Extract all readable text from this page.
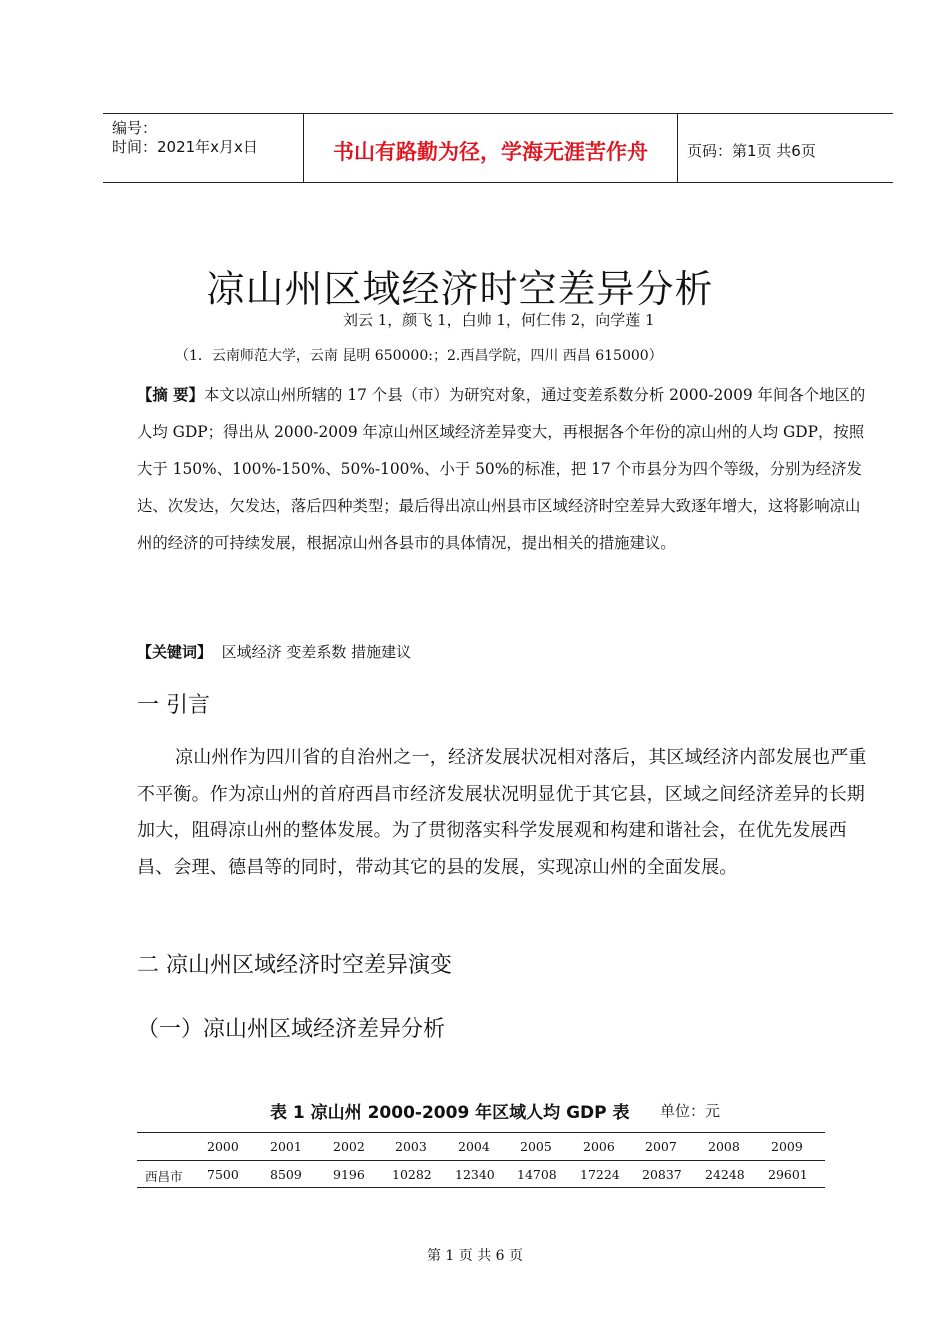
编号：
时间：2021年x月x日	书山有路勤为径，学海无涯苦作舟	页码：第1页 共6页
凉山州区域经济时空差异分析
刘云 1，颜飞 1，白帅 1，何仁伟 2，向学莲 1
（1．云南师范大学，云南 昆明 650000:；2.西昌学院，四川 西昌 615000）
【摘 要】本文以凉山州所辖的 17 个县（市）为研究对象，通过变差系数分析 2000-2009 年间各个地区的人均 GDP；得出从 2000-2009 年凉山州区域经济差异变大，再根据各个年份的凉山州的人均 GDP，按照大于 150%、100%-150%、50%-100%、小于 50%的标准，把 17 个市县分为四个等级，分别为经济发达、次发达，欠发达，落后四种类型；最后得出凉山州县市区域经济时空差异大致逐年增大，这将影响凉山州的经济的可持续发展，根据凉山州各县市的具体情况，提出相关的措施建议。
【关键词】 区域经济 变差系数 措施建议
一 引言
凉山州作为四川省的自治州之一，经济发展状况相对落后，其区域经济内部发展也严重不平衡。作为凉山州的首府西昌市经济发展状况明显优于其它县，区域之间经济差异的长期加大，阻碍凉山州的整体发展。为了贯彻落实科学发展观和构建和谐社会，在优先发展西昌、会理、德昌等的同时，带动其它的县的发展，实现凉山州的全面发展。
二 凉山州区域经济时空差异演变
（一）凉山州区域经济差异分析
表 1 凉山州 2000-2009 年区域人均 GDP 表 单位：元
2000 2001 2002 2003 2004 2005 2006 2007 2008 2009
西昌市 7500 8509 9196 10282 12340 14708 17224 20837 24248 29601
第 1 页 共 6 页
